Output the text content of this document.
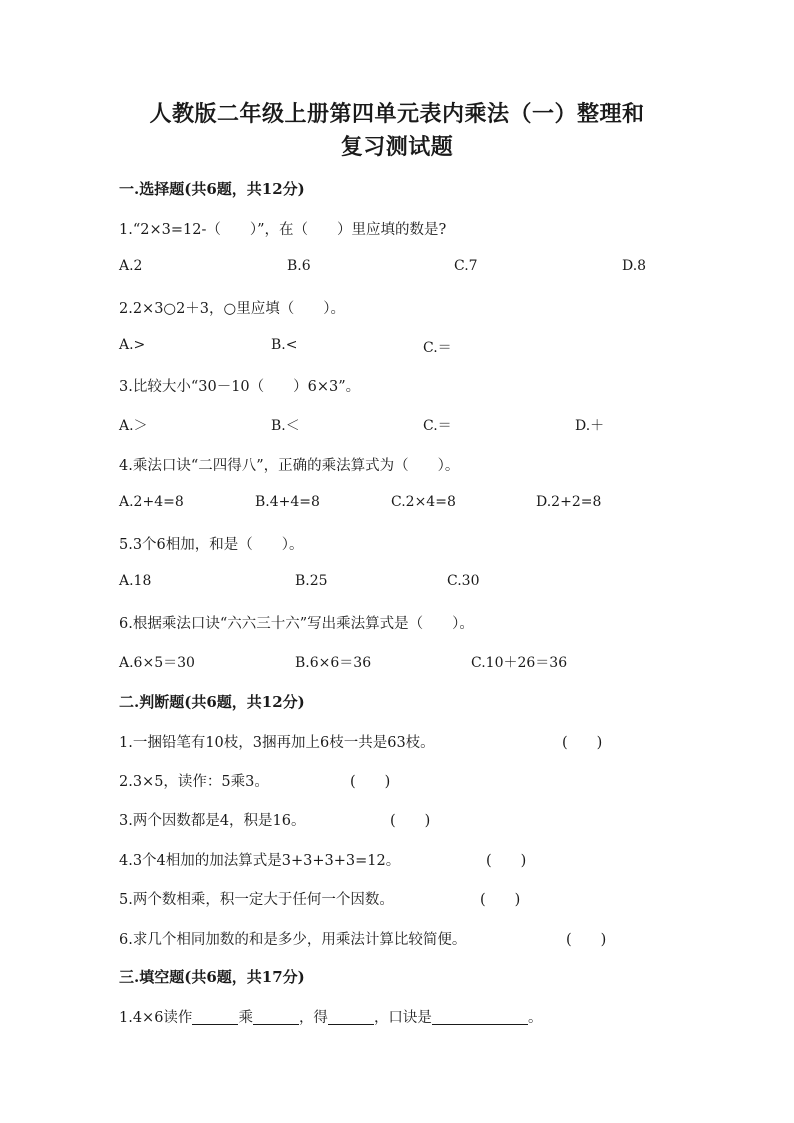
人教版二年级上册第四单元表内乘法（一）整理和
复习测试题
一.选择题(共6题，共12分)
1.“2×3=12-（　　）”，在（　　）里应填的数是?
A.2	B.6	C.7	D.8
2.2×3○2＋3，○里应填（　　）。
A.>	B.<	C.＝
3.比较大小“30－10（　　）6×3”。
A.＞	B.＜	C.＝	D.＋
4.乘法口诀“二四得八”，正确的乘法算式为（　　）。
A.2+4=8	B.4+4=8	C.2×4=8	D.2+2=8
5.3个6相加，和是（　　）。
A.18	B.25	C.30
6.根据乘法口诀“六六三十六”写出乘法算式是（　　）。
A.6×5＝30	B.6×6＝36	C.10＋26＝36
二.判断题(共6题，共12分)
1.一捆铅笔有10枝，3捆再加上6枝一共是63枝。	(　　)
2.3×5，读作：5乘3。	(　　)
3.两个因数都是4，积是16。	(　　)
4.3个4相加的加法算式是3+3+3+3=12。	(　　)
5.两个数相乘，积一定大于任何一个因数。	(　　)
6.求几个相同加数的和是多少，用乘法计算比较简便。	(　　)
三.填空题(共6题，共17分)
1.4×6读作	乘	，得	，口诀是	。
